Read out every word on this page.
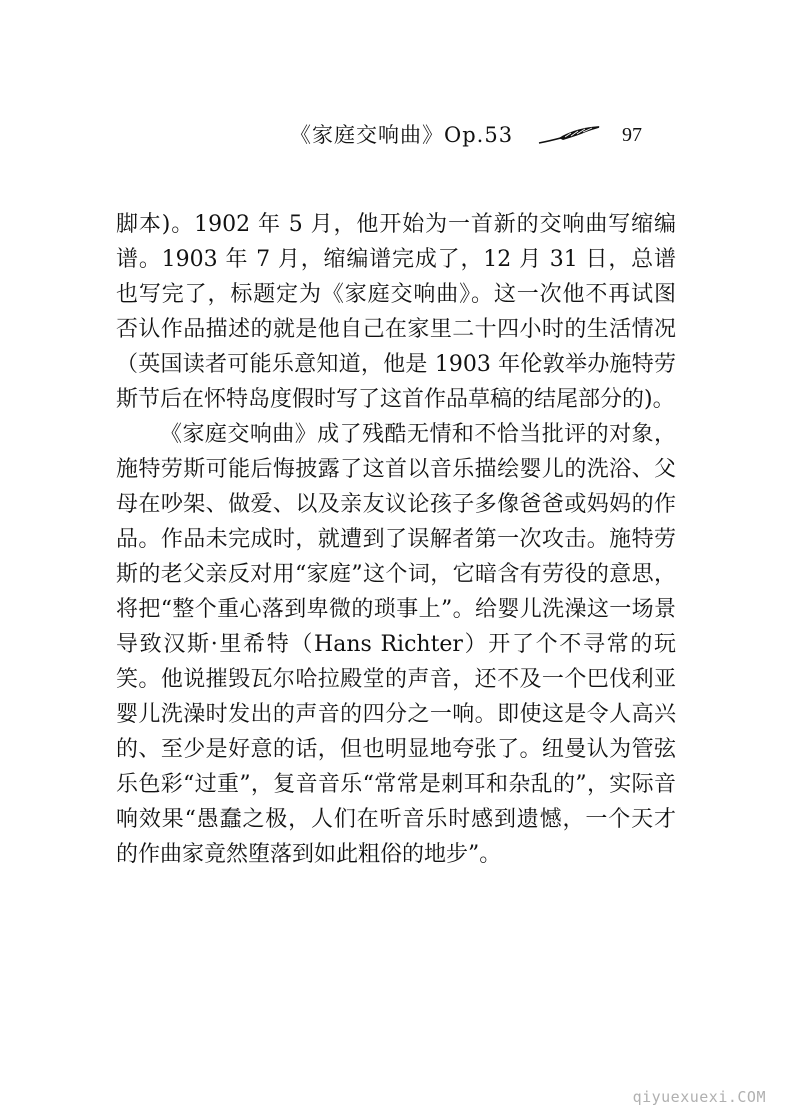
《家庭交响曲》Op.53	97

脚本)。1902 年 5 月，他开始为一首新的交响曲写缩编谱。1903 年 7 月，缩编谱完成了，12 月 31 日，总谱也写完了，标题定为《家庭交响曲》。这一次他不再试图否认作品描述的就是他自己在家里二十四小时的生活情况（英国读者可能乐意知道，他是 1903 年伦敦举办施特劳斯节后在怀特岛度假时写了这首作品草稿的结尾部分的)。

《家庭交响曲》成了残酷无情和不恰当批评的对象，施特劳斯可能后悔披露了这首以音乐描绘婴儿的洗浴、父母在吵架、做爱、以及亲友议论孩子多像爸爸或妈妈的作品。作品未完成时，就遭到了误解者第一次攻击。施特劳斯的老父亲反对用“家庭”这个词，它暗含有劳役的意思，将把“整个重心落到卑微的琐事上”。给婴儿洗澡这一场景导致汉斯·里希特（Hans Richter）开了个不寻常的玩笑。他说摧毁瓦尔哈拉殿堂的声音，还不及一个巴伐利亚婴儿洗澡时发出的声音的四分之一响。即使这是令人高兴的、至少是好意的话，但也明显地夸张了。纽曼认为管弦乐色彩“过重”，复音音乐“常常是刺耳和杂乱的”，实际音响效果“愚蠢之极，人们在听音乐时感到遗憾，一个天才的作曲家竟然堕落到如此粗俗的地步”。

qiyuexuexi.COM
